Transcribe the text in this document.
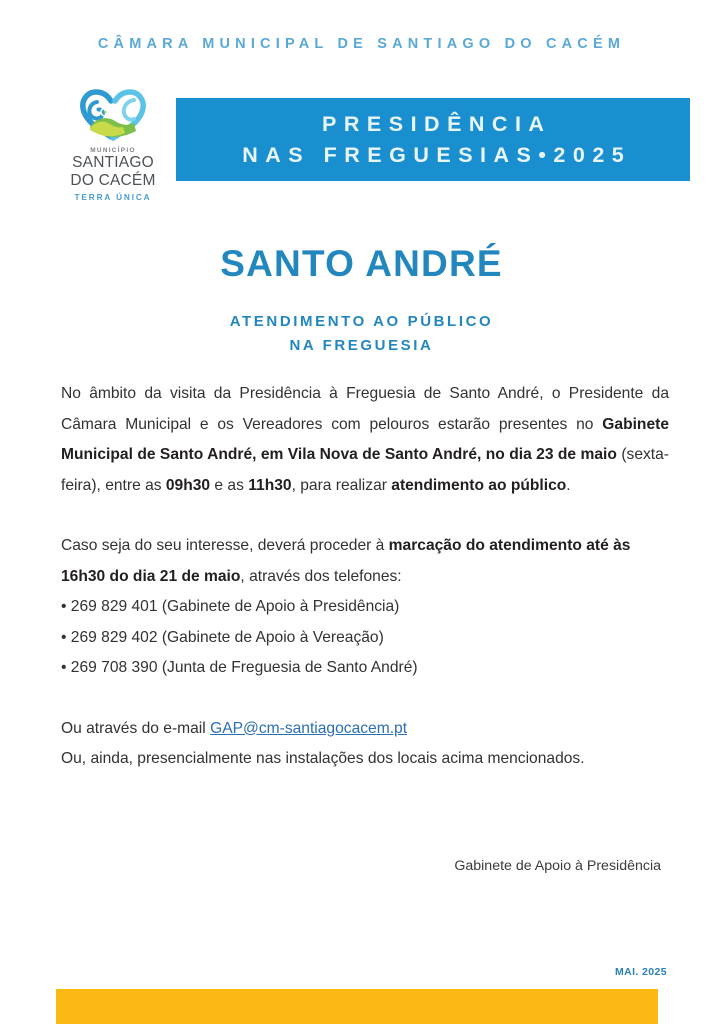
CÂMARA MUNICIPAL DE SANTIAGO DO CACÉM
MUNICÍPIO
SANTIAGO
DO CACÉM
TERRA ÚNICA
PRESIDÊNCIA
NAS FREGUESIAS•2025
SANTO ANDRÉ
ATENDIMENTO AO PÚBLICO
NA FREGUESIA

No âmbito da visita da Presidência à Freguesia de Santo André, o Presidente da Câmara Municipal e os Vereadores com pelouros estarão presentes no Gabinete Municipal de Santo André, em Vila Nova de Santo André, no dia 23 de maio (sexta-feira), entre as 09h30 e as 11h30, para realizar atendimento ao público.

Caso seja do seu interesse, deverá proceder à marcação do atendimento até às 16h30 do dia 21 de maio, através dos telefones:

• 269 829 401 (Gabinete de Apoio à Presidência)
• 269 829 402 (Gabinete de Apoio à Vereação)
• 269 708 390 (Junta de Freguesia de Santo André)

Ou através do e-mail GAP@cm-santiagocacem.pt

Ou, ainda, presencialmente nas instalações dos locais acima mencionados.

Gabinete de Apoio à Presidência
MAI. 2025
